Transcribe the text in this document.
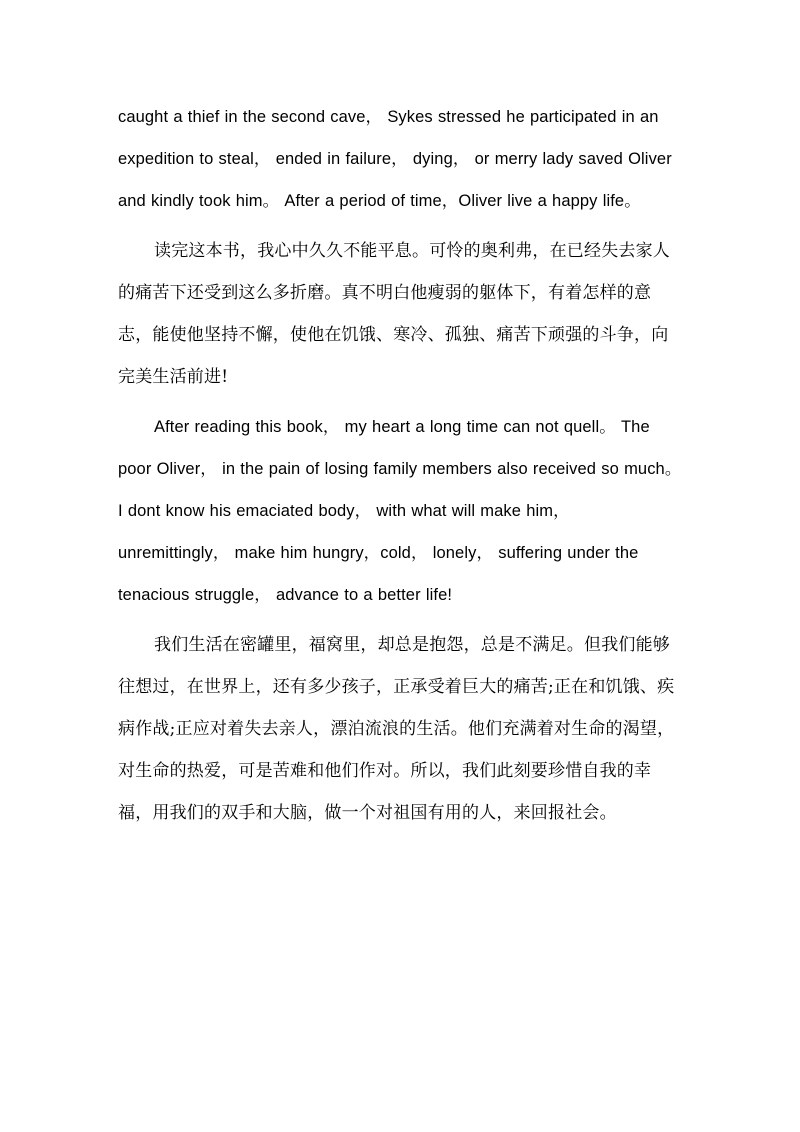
caught a thief in the second cave， Sykes stressed he participated in an expedition to steal， ended in failure， dying， or merry lady saved Oliver and kindly took him。 After a period of time，Oliver live a happy life。

读完这本书，我心中久久不能平息。可怜的奥利弗，在已经失去家人的痛苦下还受到这么多折磨。真不明白他瘦弱的躯体下，有着怎样的意志，能使他坚持不懈，使他在饥饿、寒冷、孤独、痛苦下顽强的斗争，向完美生活前进!

After reading this book， my heart a long time can not quell。 The poor Oliver， in the pain of losing family members also received so much。 I dont know his emaciated body， with what will make him， unremittingly， make him hungry，cold， lonely， suffering under the tenacious struggle， advance to a better life!

我们生活在密罐里，福窝里，却总是抱怨，总是不满足。但我们能够往想过，在世界上，还有多少孩子，正承受着巨大的痛苦;正在和饥饿、疾病作战;正应对着失去亲人，漂泊流浪的生活。他们充满着对生命的渴望，对生命的热爱，可是苦难和他们作对。所以，我们此刻要珍惜自我的幸福，用我们的双手和大脑，做一个对祖国有用的人，来回报社会。
